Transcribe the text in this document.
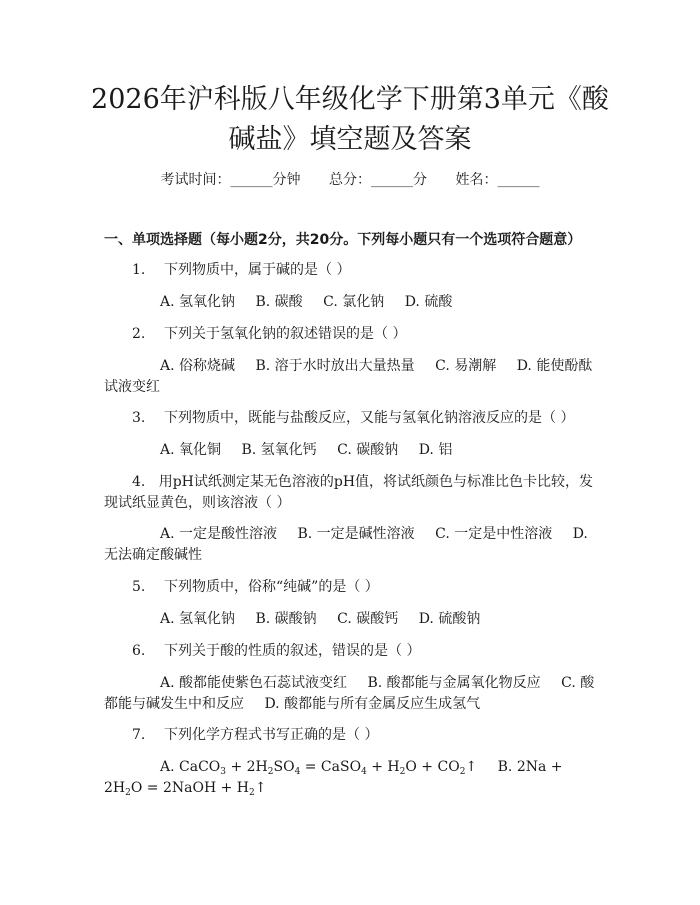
2026年沪科版八年级化学下册第3单元《酸
碱盐》填空题及答案
考试时间：______分钟 总分：______分 姓名：______
一、单项选择题（每小题2分，共20分。下列每小题只有一个选项符合题意）
1. 下列物质中，属于碱的是（ ）
A. 氢氧化钠 B. 碳酸 C. 氯化钠 D. 硫酸
2. 下列关于氢氧化钠的叙述错误的是（ ）
A. 俗称烧碱 B. 溶于水时放出大量热量 C. 易潮解 D. 能使酚酞试液变红
3. 下列物质中，既能与盐酸反应，又能与氢氧化钠溶液反应的是（ ）
A. 氧化铜 B. 氢氧化钙 C. 碳酸钠 D. 铝
4. 用pH试纸测定某无色溶液的pH值，将试纸颜色与标准比色卡比较，发现试纸显黄色，则该溶液（ ）
A. 一定是酸性溶液 B. 一定是碱性溶液 C. 一定是中性溶液 D. 无法确定酸碱性
5. 下列物质中，俗称“纯碱”的是（ ）
A. 氢氧化钠 B. 碳酸钠 C. 碳酸钙 D. 硫酸钠
6. 下列关于酸的性质的叙述，错误的是（ ）
A. 酸都能使紫色石蕊试液变红 B. 酸都能与金属氧化物反应 C. 酸都能与碱发生中和反应 D. 酸都能与所有金属反应生成氢气
7. 下列化学方程式书写正确的是（ ）
A. CaCO$_3$ + $2H_2SO_4$ = CaSO$_4$ + $H_2O$ + $CO_2↑$ B. $2Na + 2H_2O$ = 2NaOH + $H_2↑$
